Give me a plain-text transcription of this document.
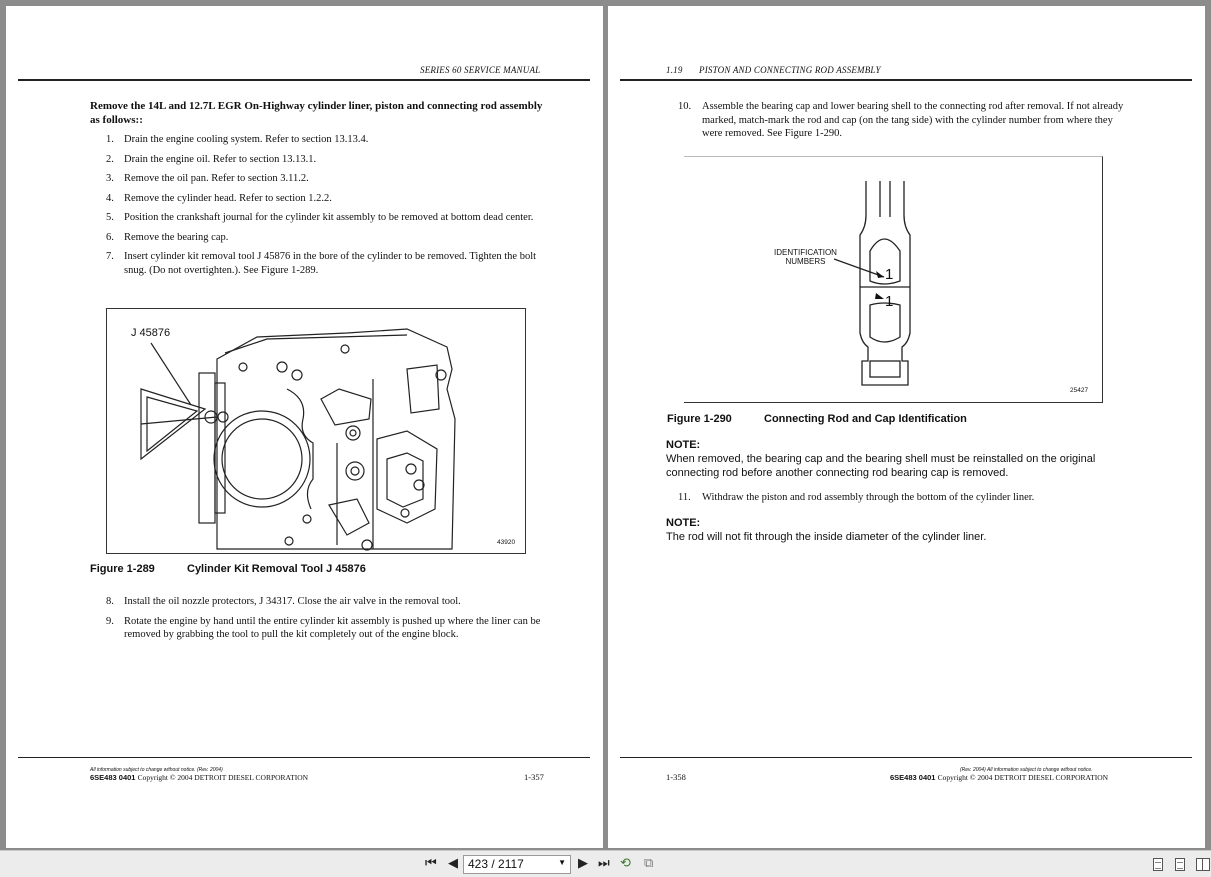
SERIES 60 SERVICE MANUAL
Remove the 14L and 12.7L EGR On-Highway cylinder liner, piston and connecting rod assembly as follows::
1. Drain the engine cooling system. Refer to section 13.13.4.
2. Drain the engine oil. Refer to section 13.13.1.
3. Remove the oil pan. Refer to section 3.11.2.
4. Remove the cylinder head. Refer to section 1.2.2.
5. Position the crankshaft journal for the cylinder kit assembly to be removed at bottom dead center.
6. Remove the bearing cap.
7. Insert cylinder kit removal tool J 45876 in the bore of the cylinder to be removed. Tighten the bolt snug. (Do not overtighten.). See Figure 1-289.
J 45876
43920
Figure 1-289	Cylinder Kit Removal Tool J 45876
8. Install the oil nozzle protectors, J 34317. Close the air valve in the removal tool.
9. Rotate the engine by hand until the entire cylinder kit assembly is pushed up where the liner can be removed by grabbing the tool to pull the kit completely out of the engine block.
All information subject to change without notice. (Rev. 2004)
6SE483 0401 Copyright © 2004 DETROIT DIESEL CORPORATION	1-357
1.19 PISTON AND CONNECTING ROD ASSEMBLY
10. Assemble the bearing cap and lower bearing shell to the connecting rod after removal. If not already marked, match-mark the rod and cap (on the tang side) with the cylinder number from where they were removed. See Figure 1-290.
IDENTIFICATION
NUMBERS
1
1
25427
Figure 1-290	Connecting Rod and Cap Identification
NOTE:
When removed, the bearing cap and the bearing shell must be reinstalled on the original connecting rod before another connecting rod bearing cap is removed.
11. Withdraw the piston and rod assembly through the bottom of the cylinder liner.
NOTE:
The rod will not fit through the inside diameter of the cylinder liner.
(Rev. 2004) All information subject to change without notice.
1-358	6SE483 0401 Copyright © 2004 DETROIT DIESEL CORPORATION
⏮ ◀ 423 / 2117	▼ ▶ ⏭ ⟲ ⧉
